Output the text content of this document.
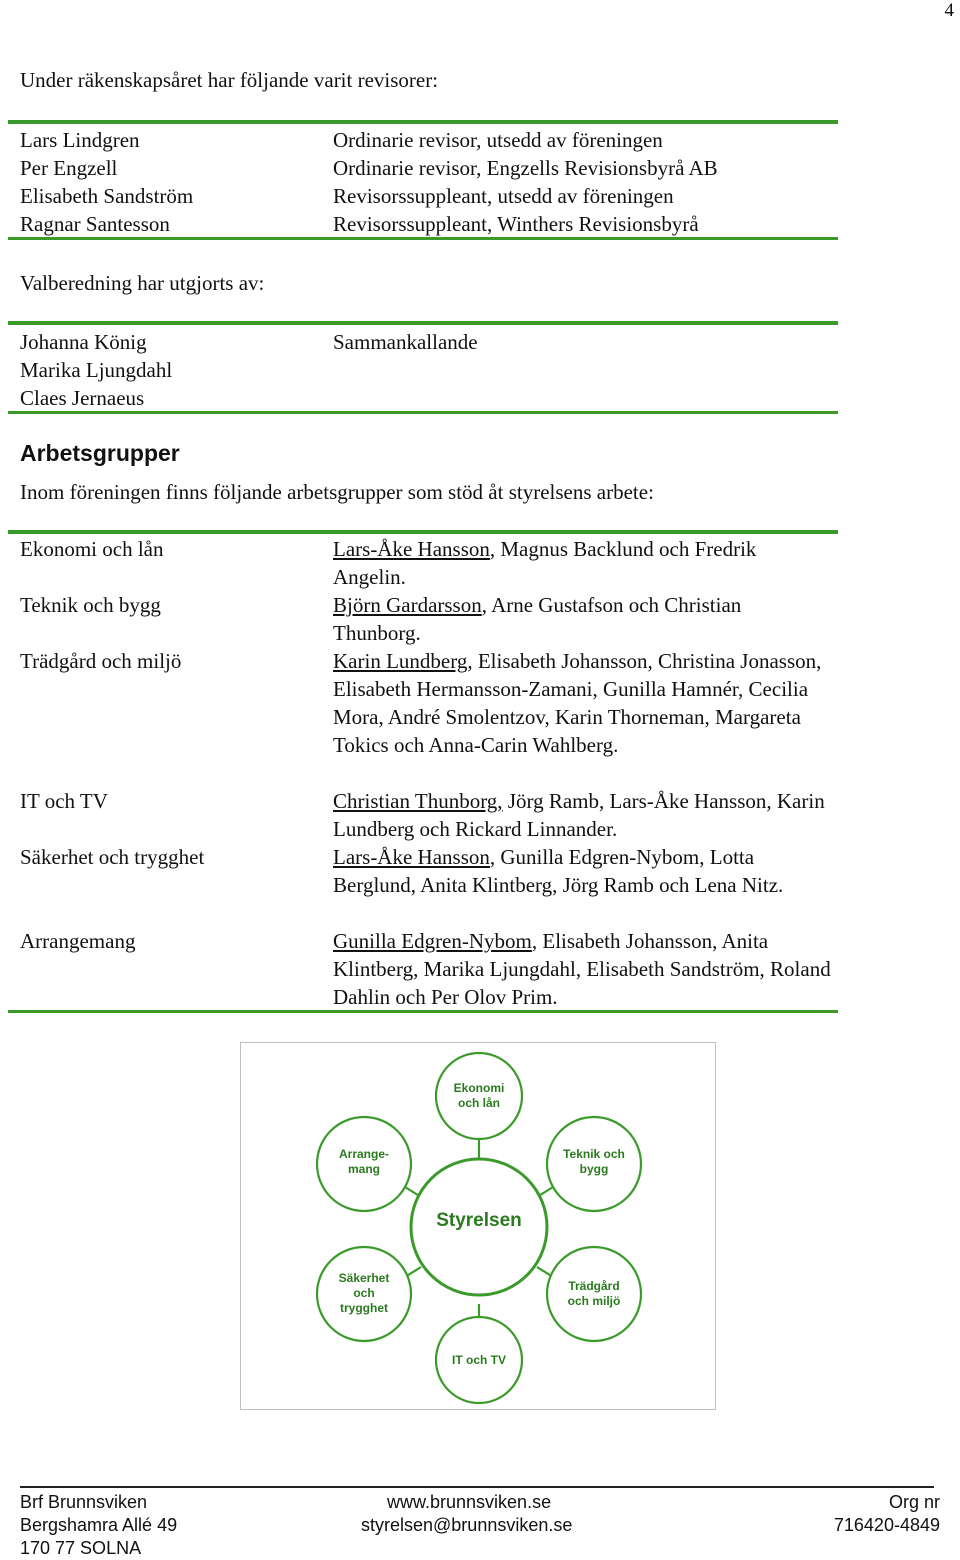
4
Under räkenskapsåret har följande varit revisorer:
Lars Lindgren	Ordinarie revisor, utsedd av föreningen
Per Engzell	Ordinarie revisor, Engzells Revisionsbyrå AB
Elisabeth Sandström	Revisorssuppleant, utsedd av föreningen
Ragnar Santesson	Revisorssuppleant, Winthers Revisionsbyrå
Valberedning har utgjorts av:
Johanna König	Sammankallande
Marika Ljungdahl
Claes Jernaeus
Arbetsgrupper
Inom föreningen finns följande arbetsgrupper som stöd åt styrelsens arbete:
Ekonomi och lån	Lars-Åke Hansson, Magnus Backlund och Fredrik Angelin.
Teknik och bygg	Björn Gardarsson, Arne Gustafson och Christian Thunborg.
Trädgård och miljö	Karin Lundberg, Elisabeth Johansson, Christina Jonasson, Elisabeth Hermansson-Zamani, Gunilla Hamnér, Cecilia Mora, André Smolentzov, Karin Thorneman, Margareta Tokics och Anna-Carin Wahlberg.
IT och TV	Christian Thunborg, Jörg Ramb, Lars-Åke Hansson, Karin Lundberg och Rickard Linnander.
Säkerhet och trygghet	Lars-Åke Hansson, Gunilla Edgren-Nybom, Lotta Berglund, Anita Klintberg, Jörg Ramb och Lena Nitz.
Arrangemang	Gunilla Edgren-Nybom, Elisabeth Johansson, Anita Klintberg, Marika Ljungdahl, Elisabeth Sandström, Roland Dahlin och Per Olov Prim.
Styrelsen
Ekonomi
och lån
Arrange-
mang
Teknik och
bygg
Säkerhet
och
trygghet
Trädgård
och miljö
IT och TV
Brf Brunnsviken
Bergshamra Allé 49
170 77 SOLNA
www.brunnsviken.se
styrelsen@brunnsviken.se
Org nr
716420-4849
